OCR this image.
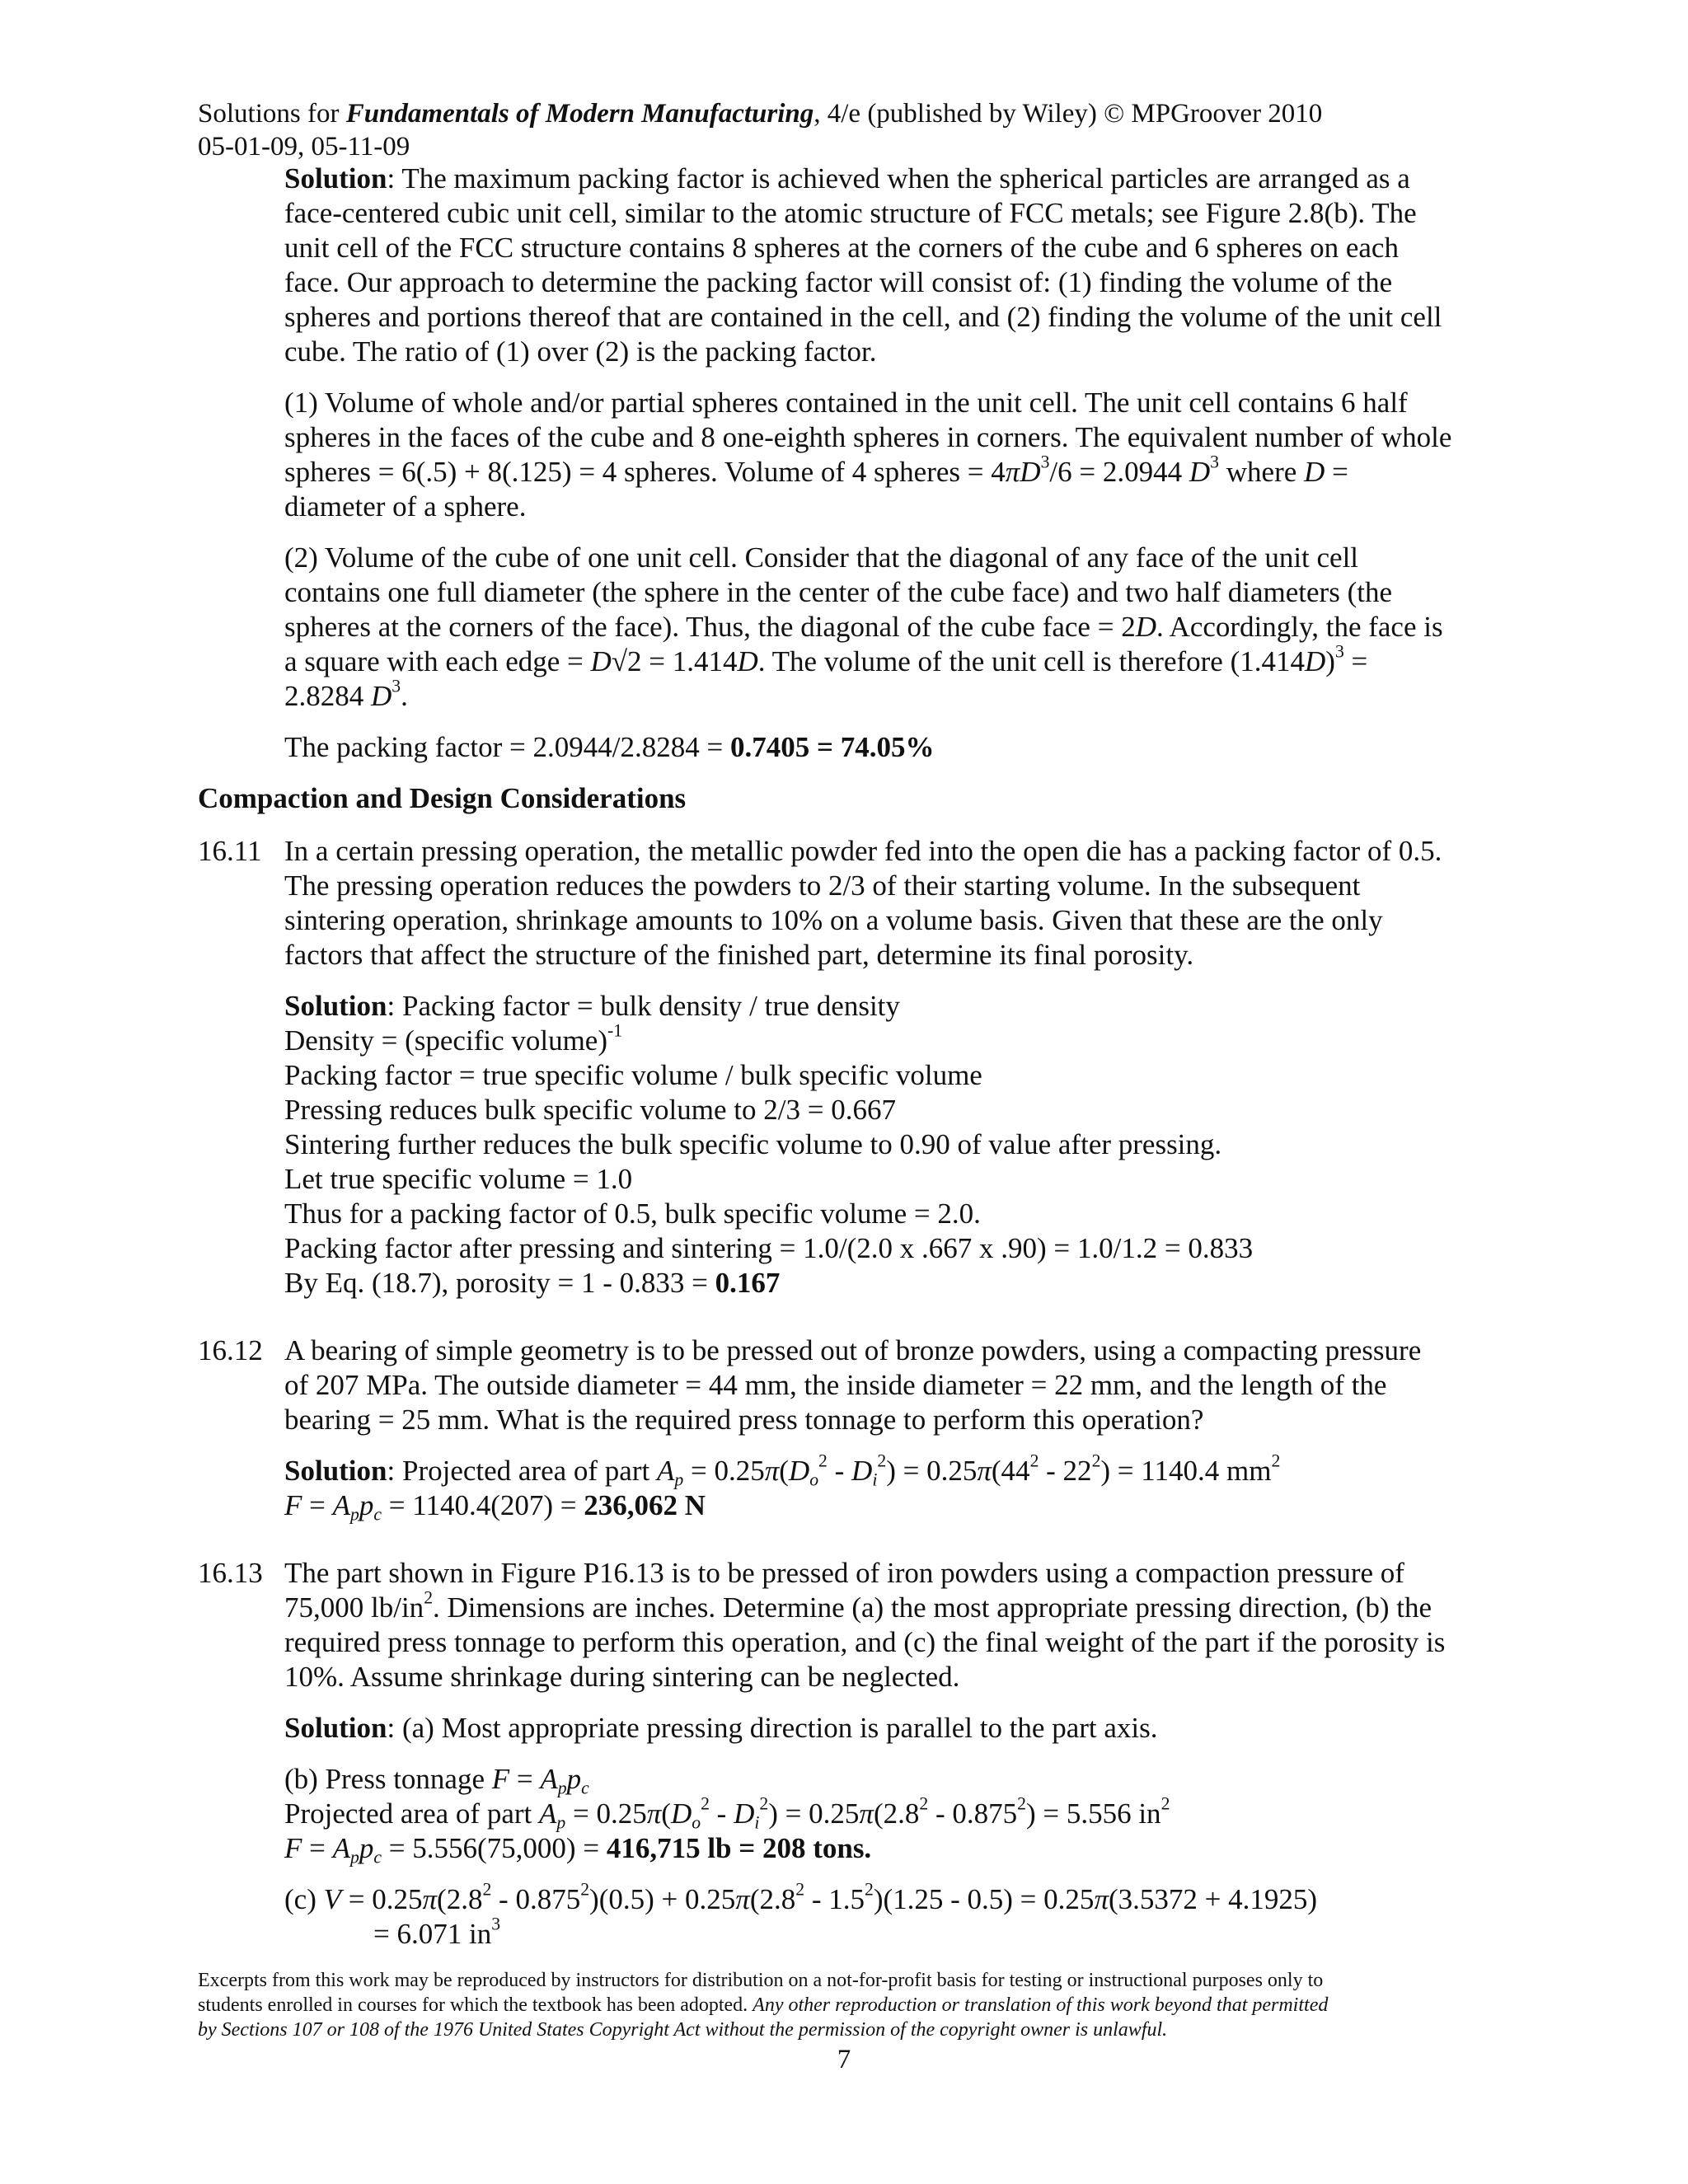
Solutions for Fundamentals of Modern Manufacturing, 4/e (published by Wiley) © MPGroover 2010
05-01-09, 05-11-09
Solution: The maximum packing factor is achieved when the spherical particles are arranged as a
face-centered cubic unit cell, similar to the atomic structure of FCC metals; see Figure 2.8(b). The
unit cell of the FCC structure contains 8 spheres at the corners of the cube and 6 spheres on each
face. Our approach to determine the packing factor will consist of: (1) finding the volume of the
spheres and portions thereof that are contained in the cell, and (2) finding the volume of the unit cell
cube. The ratio of (1) over (2) is the packing factor.
(1) Volume of whole and/or partial spheres contained in the unit cell. The unit cell contains 6 half
spheres in the faces of the cube and 8 one-eighth spheres in corners. The equivalent number of whole
spheres = 6(.5) + 8(.125) = 4 spheres. Volume of 4 spheres = $4\pi D^3/6 = 2.0944$ $D^3$ where D =
diameter of a sphere.
(2) Volume of the cube of one unit cell. Consider that the diagonal of any face of the unit cell
contains one full diameter (the sphere in the center of the cube face) and two half diameters (the
spheres at the corners of the face). Thus, the diagonal of the cube face = 2D. Accordingly, the face is
a square with each edge = D√2 = 1.414D. The volume of the unit cell is therefore $(1.414D)^3$ =
2.8284 $D^3$.
The packing factor = 2.0944/2.8284 = 0.7405 = 74.05%
Compaction and Design Considerations
16.11 In a certain pressing operation, the metallic powder fed into the open die has a packing factor of 0.5.
The pressing operation reduces the powders to 2/3 of their starting volume. In the subsequent
sintering operation, shrinkage amounts to 10% on a volume basis. Given that these are the only
factors that affect the structure of the finished part, determine its final porosity.
Solution: Packing factor = bulk density / true density
Density = (specific volume)$^{-1}$
Packing factor = true specific volume / bulk specific volume
Pressing reduces bulk specific volume to 2/3 = 0.667
Sintering further reduces the bulk specific volume to 0.90 of value after pressing.
Let true specific volume = 1.0
Thus for a packing factor of 0.5, bulk specific volume = 2.0.
Packing factor after pressing and sintering = 1.0/(2.0 x .667 x .90) = 1.0/1.2 = 0.833
By Eq. (18.7), porosity = 1 - 0.833 = 0.167
16.12 A bearing of simple geometry is to be pressed out of bronze powders, using a compacting pressure
of 207 MPa. The outside diameter = 44 mm, the inside diameter = 22 mm, and the length of the
bearing = 25 mm. What is the required press tonnage to perform this operation?
Solution: Projected area of part $A_p = 0.25\pi(D_o^2 - D_i^2) = 0.25\pi(44^2 - 22^2) = 1140.4$ $mm^2$
$F = A_pp_c = 1140.4(207) = 236,062$ N
16.13 The part shown in Figure P16.13 is to be pressed of iron powders using a compaction pressure of
75,000 $lb/in^2$. Dimensions are inches. Determine (a) the most appropriate pressing direction, (b) the
required press tonnage to perform this operation, and (c) the final weight of the part if the porosity is
10%. Assume shrinkage during sintering can be neglected.
Solution: (a) Most appropriate pressing direction is parallel to the part axis.
(b) Press tonnage $F = A_pp_c$
Projected area of part $A_p = 0.25\pi(D_o^2 - D_i^2) = 0.25\pi(2.8^2 - 0.875^2) = 5.556$ $in^2$
$F = A_pp_c = 5.556(75,000) = 416,715$ lb = 208 tons.
(c) $V = 0.25\pi(2.8^2 - 0.875^2)(0.5) + 0.25\pi(2.8^2 - 1.5^2)(1.25 - 0.5) = 0.25\pi(3.5372 + 4.1925)$
= 6.071 $in^3$
Excerpts from this work may be reproduced by instructors for distribution on a not-for-profit basis for testing or instructional purposes only to
students enrolled in courses for which the textbook has been adopted. Any other reproduction or translation of this work beyond that permitted
by Sections 107 or 108 of the 1976 United States Copyright Act without the permission of the copyright owner is unlawful.
7
